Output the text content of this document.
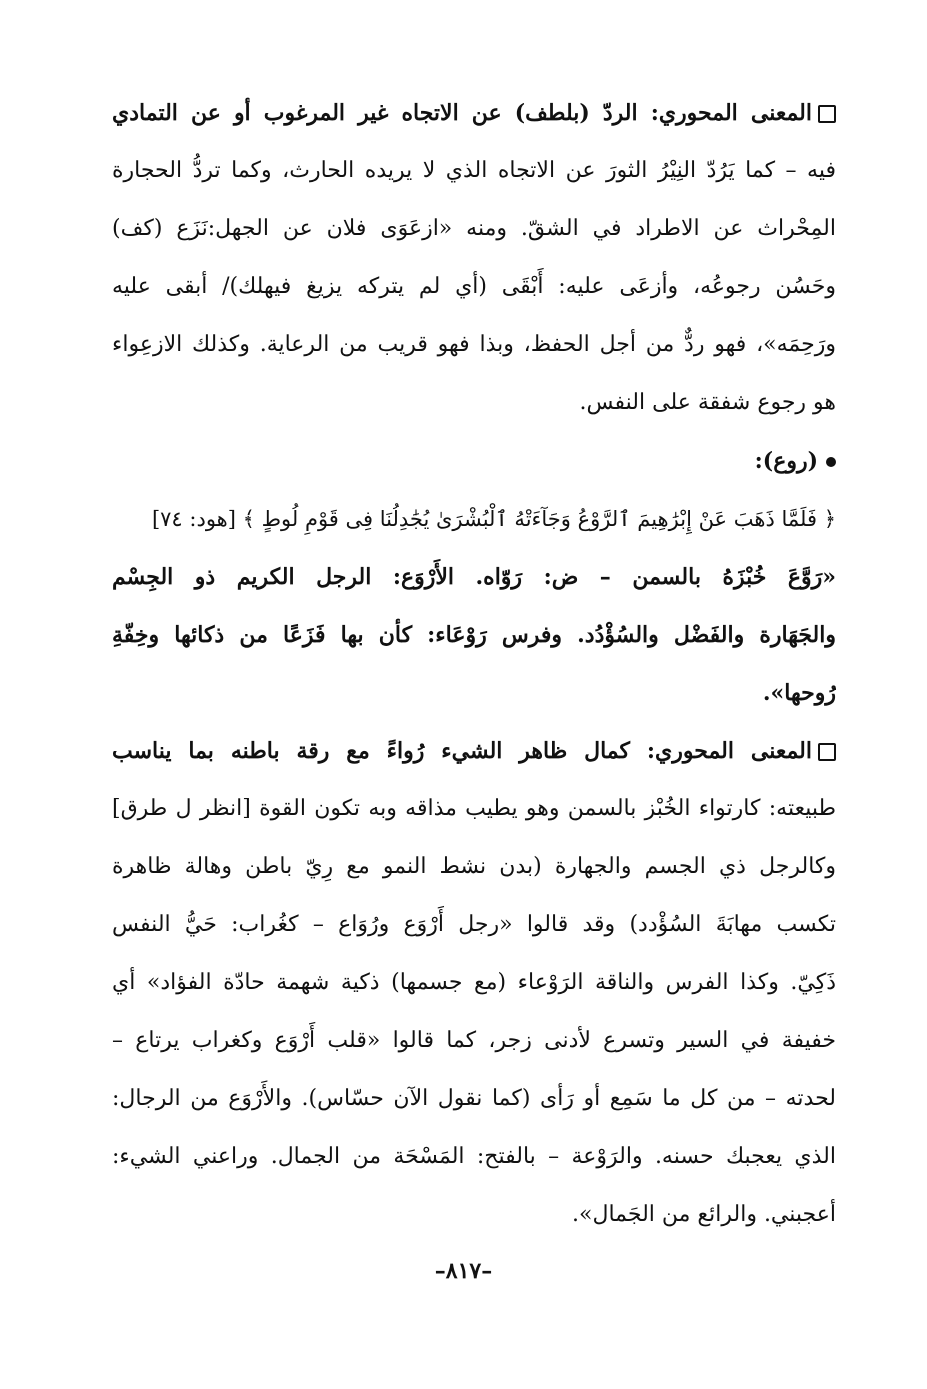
المعنى المحوري: الردّ (بلطف) عن الاتجاه غير المرغوب أو عن التمادي
فيه – كما يَرُدّ النِيْرُ الثورَ عن الاتجاه الذي لا يريده الحارث، وكما تردُّ الحجارة
المِحْراث عن الاطراد في الشقّ. ومنه «ازعَوَى فلان عن الجهل:نَزَع (كف)
وحَسُن رجوعُه، وأزعَى عليه: أَبْقَى (أي لم يتركه يزيغ فيهلك)/ أبقى عليه
ورَحِمَه»، فهو ردٌّ من أجل الحفظ، وبذا فهو قريب من الرعاية. وكذلك الازعِواء
هو رجوع شفقة على النفس.
(روع):
﴿ فَلَمَّا ذَهَبَ عَنْ إِبْرَٰهِيمَ ٱلرَّوْعُ وَجَآءَتْهُ ٱلْبُشْرَىٰ يُجَٰدِلُنَا فِى قَوْمِ لُوطٍ ﴾ [هود: ٧٤]
«رَوَّعَ خُبْزَهُ بالسمن – ض: رَوّاه. الأَرْوَع: الرجل الكريم ذو الجِسْم
والجَهَارة والفَضْل والسُؤْدُد. وفرس رَوْعَاء: كأن بها فَزَعًا من ذكائها وخِفّةِ
رُوحها».
المعنى المحوري: كمال ظاهر الشيء رُواءً مع رقة باطنه بما يناسب
طبيعته: كارتواء الخُبْز بالسمن وهو يطيب مذاقه وبه تكون القوة [انظر ل طرق]
وكالرجل ذي الجسم والجهارة (بدن نشط النمو مع رِيّ باطن وهالة ظاهرة
تكسب مهابَةَ السُؤْدد) وقد قالوا «رجل أَرْوَع ورُوَاع – كغُراب: حَيُّ النفس
ذَكِيّ. وكذا الفرس والناقة الرَوْعاء (مع جسمها) ذكية شهمة حادّة الفؤاد» أي
خفيفة في السير وتسرع لأدنى زجر، كما قالوا «قلب أَرْوَع وكغراب يرتاع –
لحدته – من كل ما سَمِع أو رَأى (كما نقول الآن حسّاس). والأَرْوَع من الرجال:
الذي يعجبك حسنه. والرَوْعة – بالفتح: المَسْحَة من الجمال. وراعني الشيء:
أعجبني. والرائع من الجَمال».
–٨١٧–
